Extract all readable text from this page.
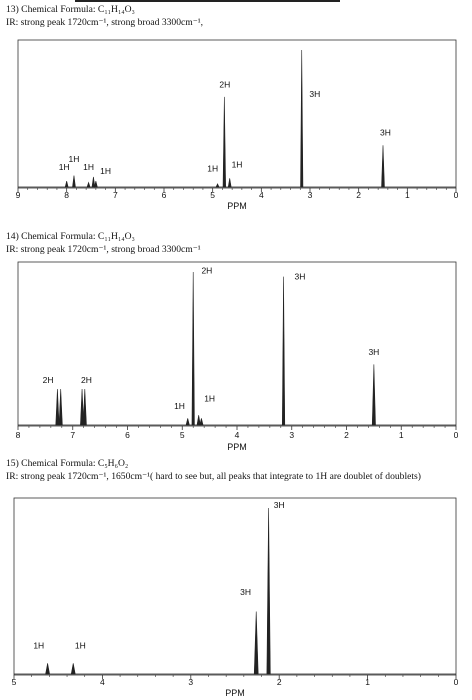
13) Chemical Formula: C₁₁H₁₄O₃
IR: strong peak 1720cm⁻¹, strong broad 3300cm⁻¹,
9	8	7	6	5	4	3	2	1	0
PPM
1H
1H
1H 1H	1H 1H
2H
3H
3H
14) Chemical Formula: C₁₁H₁₄O₃
IR: strong peak 1720cm⁻¹, strong broad 3300cm⁻¹
8	7	6	5	4	3	2	1	0
PPM
2H	2H
1H
1H
2H
3H
3H
15) Chemical Formula: C₅H₆O₂
IR: strong peak 1720cm⁻¹, 1650cm⁻¹( hard to see but, all peaks that integrate to 1H are doublet of doublets)
5	4	3	2	1	0
PPM
1H	1H
3H
3H
